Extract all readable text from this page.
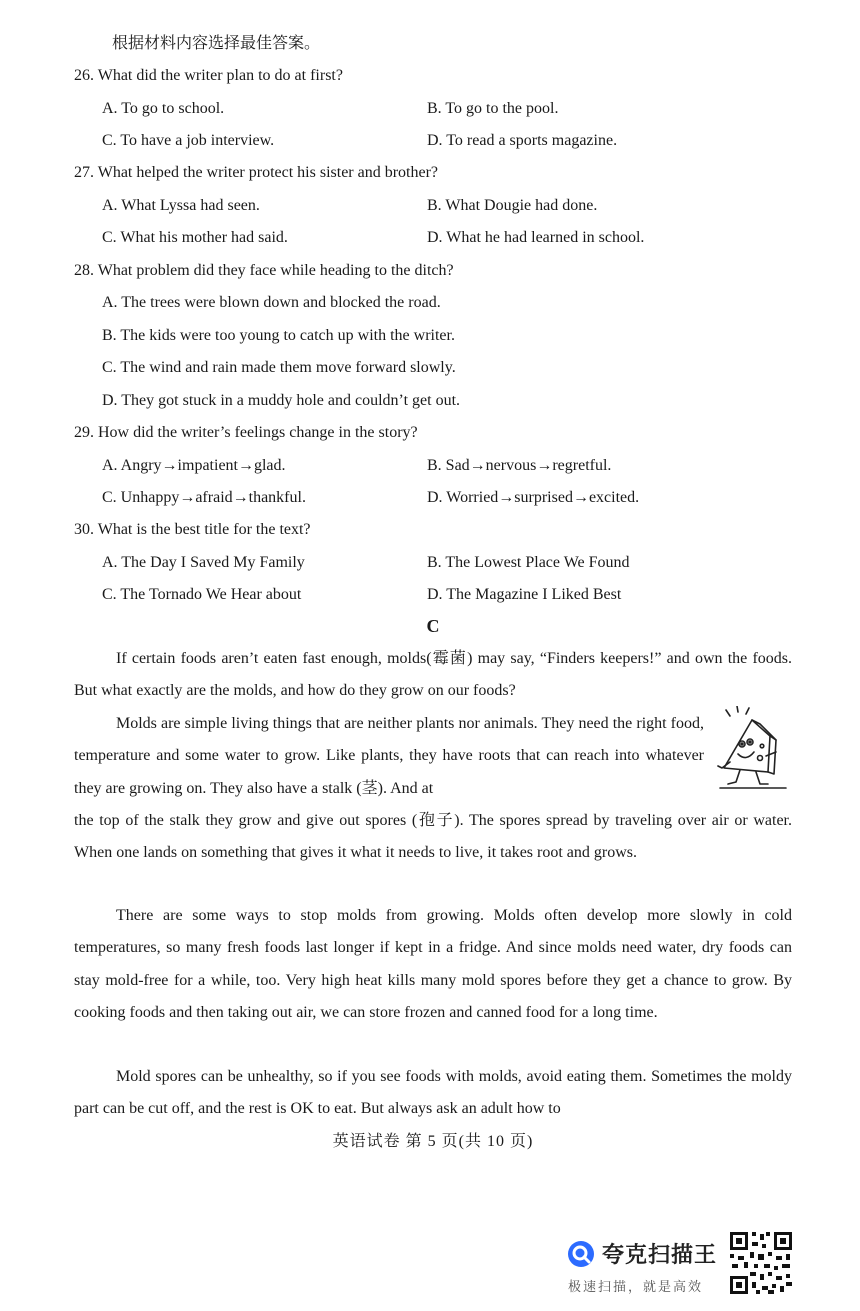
根据材料内容选择最佳答案。
26. What did the writer plan to do at first?
A. To go to school.	B. To go to the pool.
C. To have a job interview.	D. To read a sports magazine.
27. What helped the writer protect his sister and brother?
A. What Lyssa had seen.	B. What Dougie had done.
C. What his mother had said.	D. What he had learned in school.
28. What problem did they face while heading to the ditch?
A. The trees were blown down and blocked the road.
B. The kids were too young to catch up with the writer.
C. The wind and rain made them move forward slowly.
D. They got stuck in a muddy hole and couldn’t get out.
29. How did the writer’s feelings change in the story?
A. Angry→impatient→glad.	B. Sad→nervous→regretful.
C. Unhappy→afraid→thankful.	D. Worried→surprised→excited.
30. What is the best title for the text?
A. The Day I Saved My Family	B. The Lowest Place We Found
C. The Tornado We Hear about	D. The Magazine I Liked Best
C
If certain foods aren’t eaten fast enough, molds(霉菌) may say, “Finders keepers!” and own the foods. But what exactly are the molds, and how do they grow on our foods?
Molds are simple living things that are neither plants nor animals. They need the right food, temperature and some water to grow. Like plants, they have roots that can reach into whatever they are growing on. They also have a stalk (茎). And at
the top of the stalk they grow and give out spores (孢子). The spores spread by traveling over air or water. When one lands on something that gives it what it needs to live, it takes root and grows.
There are some ways to stop molds from growing. Molds often develop more slowly in cold temperatures, so many fresh foods last longer if kept in a fridge. And since molds need water, dry foods can stay mold-free for a while, too. Very high heat kills many mold spores before they get a chance to grow. By cooking foods and then taking out air, we can store frozen and canned food for a long time.
Mold spores can be unhealthy, so if you see foods with molds, avoid eating them. Sometimes the moldy part can be cut off, and the rest is OK to eat. But always ask an adult how to
英语试卷 第 5 页(共 10 页)
夸克扫描王
极速扫描，就是高效
